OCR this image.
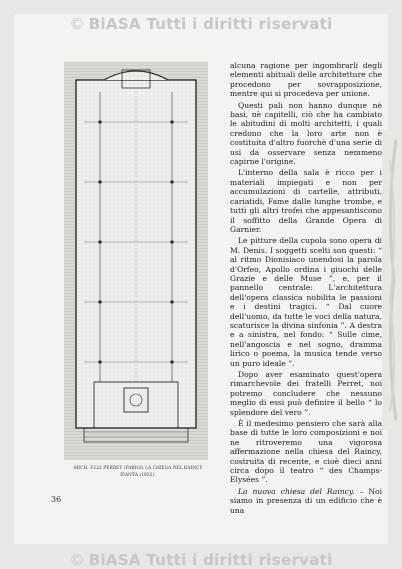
© BiASA Tutti i diritti riservati
ARCH. F.LLI PERRET (PARIGI) LA CHIESA DEL RAINCY
PIANTA (1922).
36

alcuna ragione per ingombrarli degli elementi abituali delle architetture che procedono per sovrapposizione, mentre qui si procedeva per unione.

Questi pali non hanno dunque nè basi, nè capitelli, ciò che ha cambiato le abitudini di molti architetti, i quali credono che la loro arte non è costituita d'altro fuorchè d'una serie di usi da osservare senza nemmeno capirne l'origine.

L'interno della sala è ricco per i materiali impiegati e non per accumulazioni di cartelle, attributi, cariatidi, Fame dalle lunghe trombe, e tutti gli altri trofei che appesantiscono il soffitto della Grande Opera di Garnier.

Le pitture della cupola sono opera di M. Denis. I soggetti scelti son questi: “ al ritmo Dionisiaco unendosi la parola d'Orfeo, Apollo ordina i giuochi delle Grazie e delle Muse ”, e, per il pannello centrale: L'architettura dell'opera classica nobilita le passioni e i destini tragici. “ Dal cuore dell'uomo, da tutte le voci della natura, scaturisce la divina sinfonia ”. A destra e a sinistra, nel fondo: “ Sulle cime, nell'angoscia e nel sogno, dramma lirico o poema, la musica tende verso un puro ideale ”.

Dopo aver esaminato quest'opera rimarchevole dei fratelli Perret, noi potremo concludere che nessuno meglio di essi può definire il bello “ lo splendore del vero ”.

È il medesimo pensiero che sarà alla base di tutte le loro composizioni e noi ne ritroveremo una vigorosa affermazione nella chiesa del Raincy, costruita di recente, e cioè dieci anni circa dopo il teatro “ des Champs-Elysées ”.

La nuova chiesa del Raincy. – Noi siamo in presenza di un edificio che è una

© BiASA Tutti i diritti riservati
